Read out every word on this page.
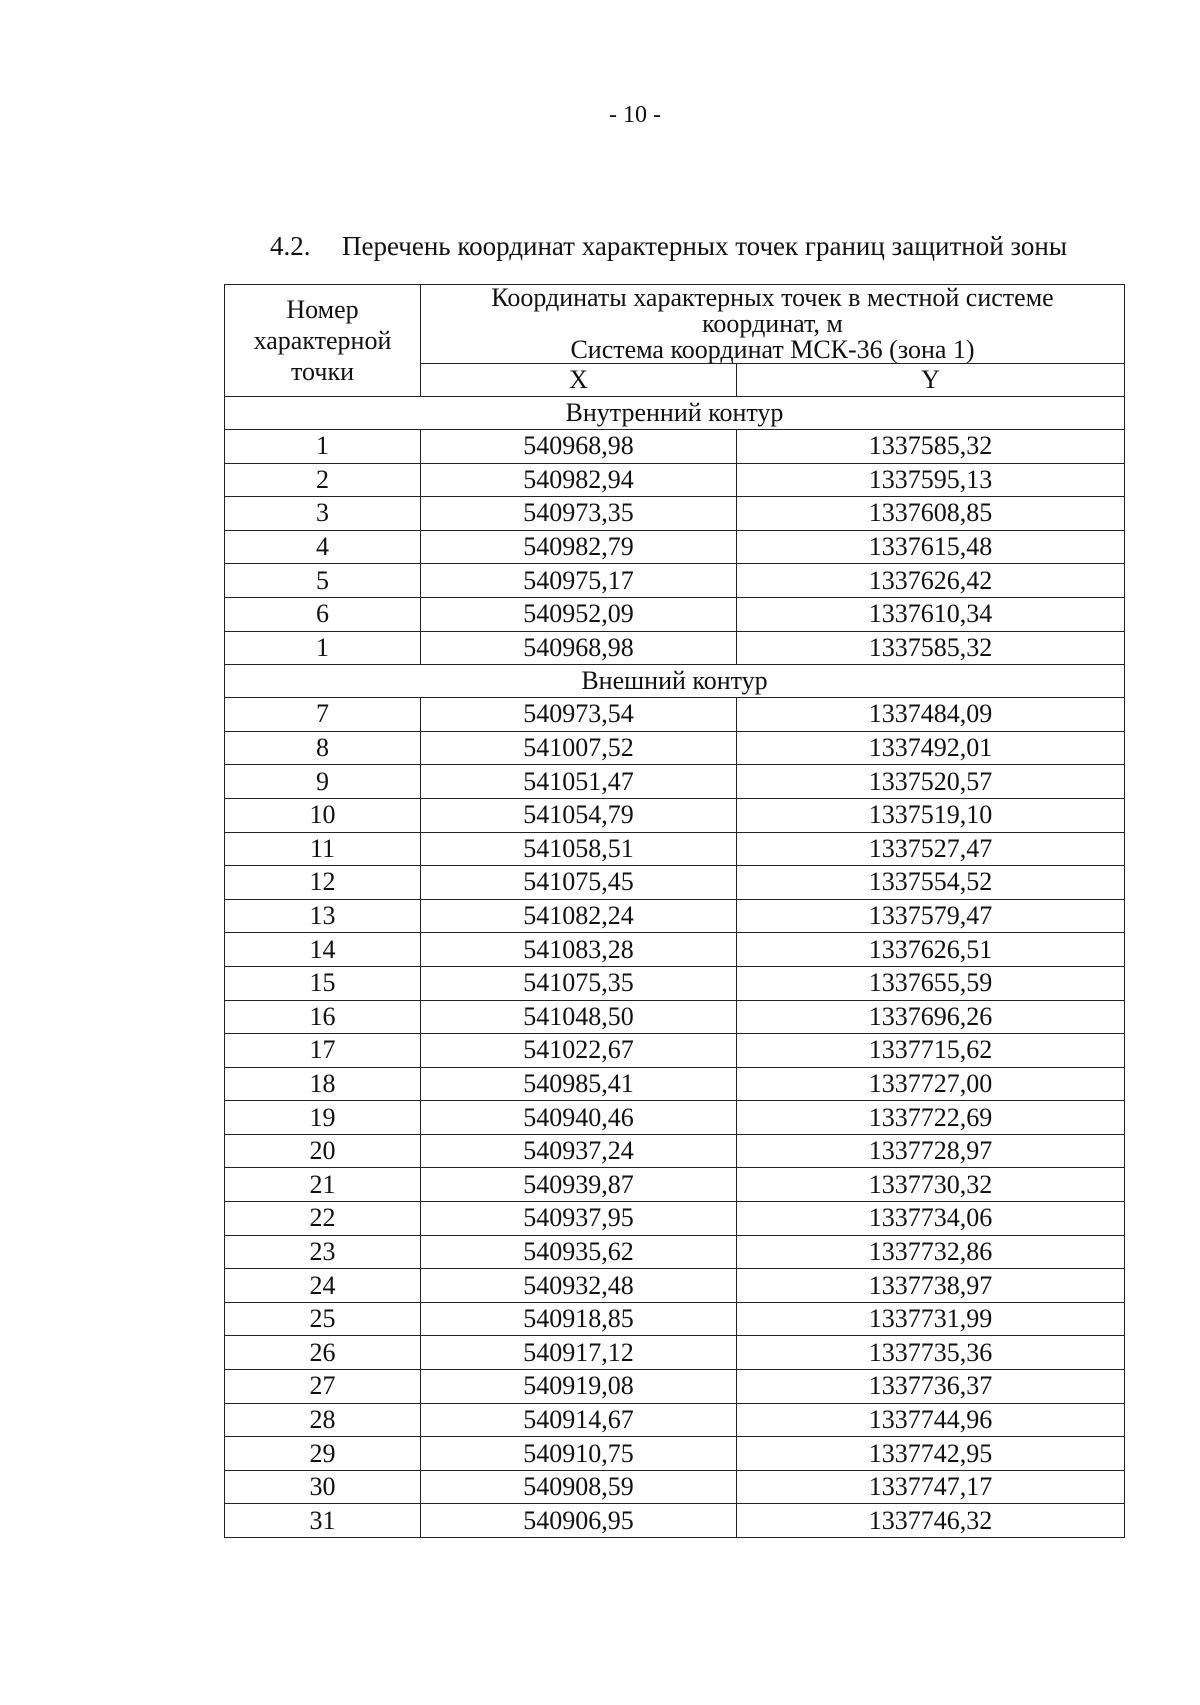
- 10 -
4.2. Перечень координат характерных точек границ защитной зоны
Номер характерной точки	Координаты характерных точек в местной системе
координат, м
Система координат МСК-36 (зона 1)	

	X	Y
Внутренний контур		
1	540968,98	1337585,32
2	540982,94	1337595,13
3	540973,35	1337608,85
4	540982,79	1337615,48
5	540975,17	1337626,42
6	540952,09	1337610,34
1	540968,98	1337585,32
Внешний контур		
7	540973,54	1337484,09
8	541007,52	1337492,01
9	541051,47	1337520,57
10	541054,79	1337519,10
11	541058,51	1337527,47
12	541075,45	1337554,52
13	541082,24	1337579,47
14	541083,28	1337626,51
15	541075,35	1337655,59
16	541048,50	1337696,26
17	541022,67	1337715,62
18	540985,41	1337727,00
19	540940,46	1337722,69
20	540937,24	1337728,97
21	540939,87	1337730,32
22	540937,95	1337734,06
23	540935,62	1337732,86
24	540932,48	1337738,97
25	540918,85	1337731,99
26	540917,12	1337735,36
27	540919,08	1337736,37
28	540914,67	1337744,96
29	540910,75	1337742,95
30	540908,59	1337747,17
31	540906,95	1337746,32
